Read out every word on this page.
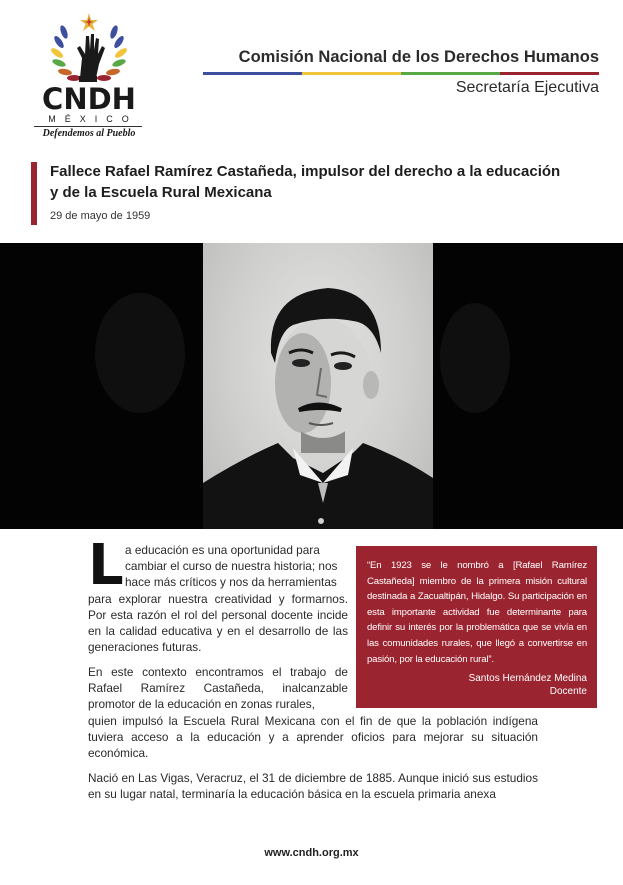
CNDH
MÉXICO
Defendemos al Pueblo
Comisión Nacional de los Derechos Humanos
Secretaría Ejecutiva
Fallece Rafael Ramírez Castañeda, impulsor del derecho a la educación y de la Escuela Rural Mexicana
29 de mayo de 1959
L a educación es una oportunidad para
cambiar el curso de nuestra historia; nos
hace más críticos y nos da herramientas
para explorar nuestra creatividad y formarnos. Por esta razón el rol del personal docente incide en la calidad educativa y en el desarrollo de las generaciones futuras.
“En 1923 se le nombró a [Rafael Ramírez Castañeda] miembro de la primera misión cultural destinada a Zacualtipán, Hidalgo. Su participación en esta importante actividad fue determinante para definir su interés por la problemática que se vivía en las comunidades rurales, que llegó a convertirse en pasión, por la educación rural”.
Santos Hernández Medina
Docente
En este contexto encontramos el trabajo de Rafael Ramírez Castañeda, inalcanzable promotor de la educación en zonas rurales,
quien impulsó la Escuela Rural Mexicana con el fin de que la población indígena tuviera acceso a la educación y a aprender oficios para mejorar su situación económica.
Nació en Las Vigas, Veracruz, el 31 de diciembre de 1885. Aunque inició sus estudios en su lugar natal, terminaría la educación básica en la escuela primaria anexa
www.cndh.org.mx
